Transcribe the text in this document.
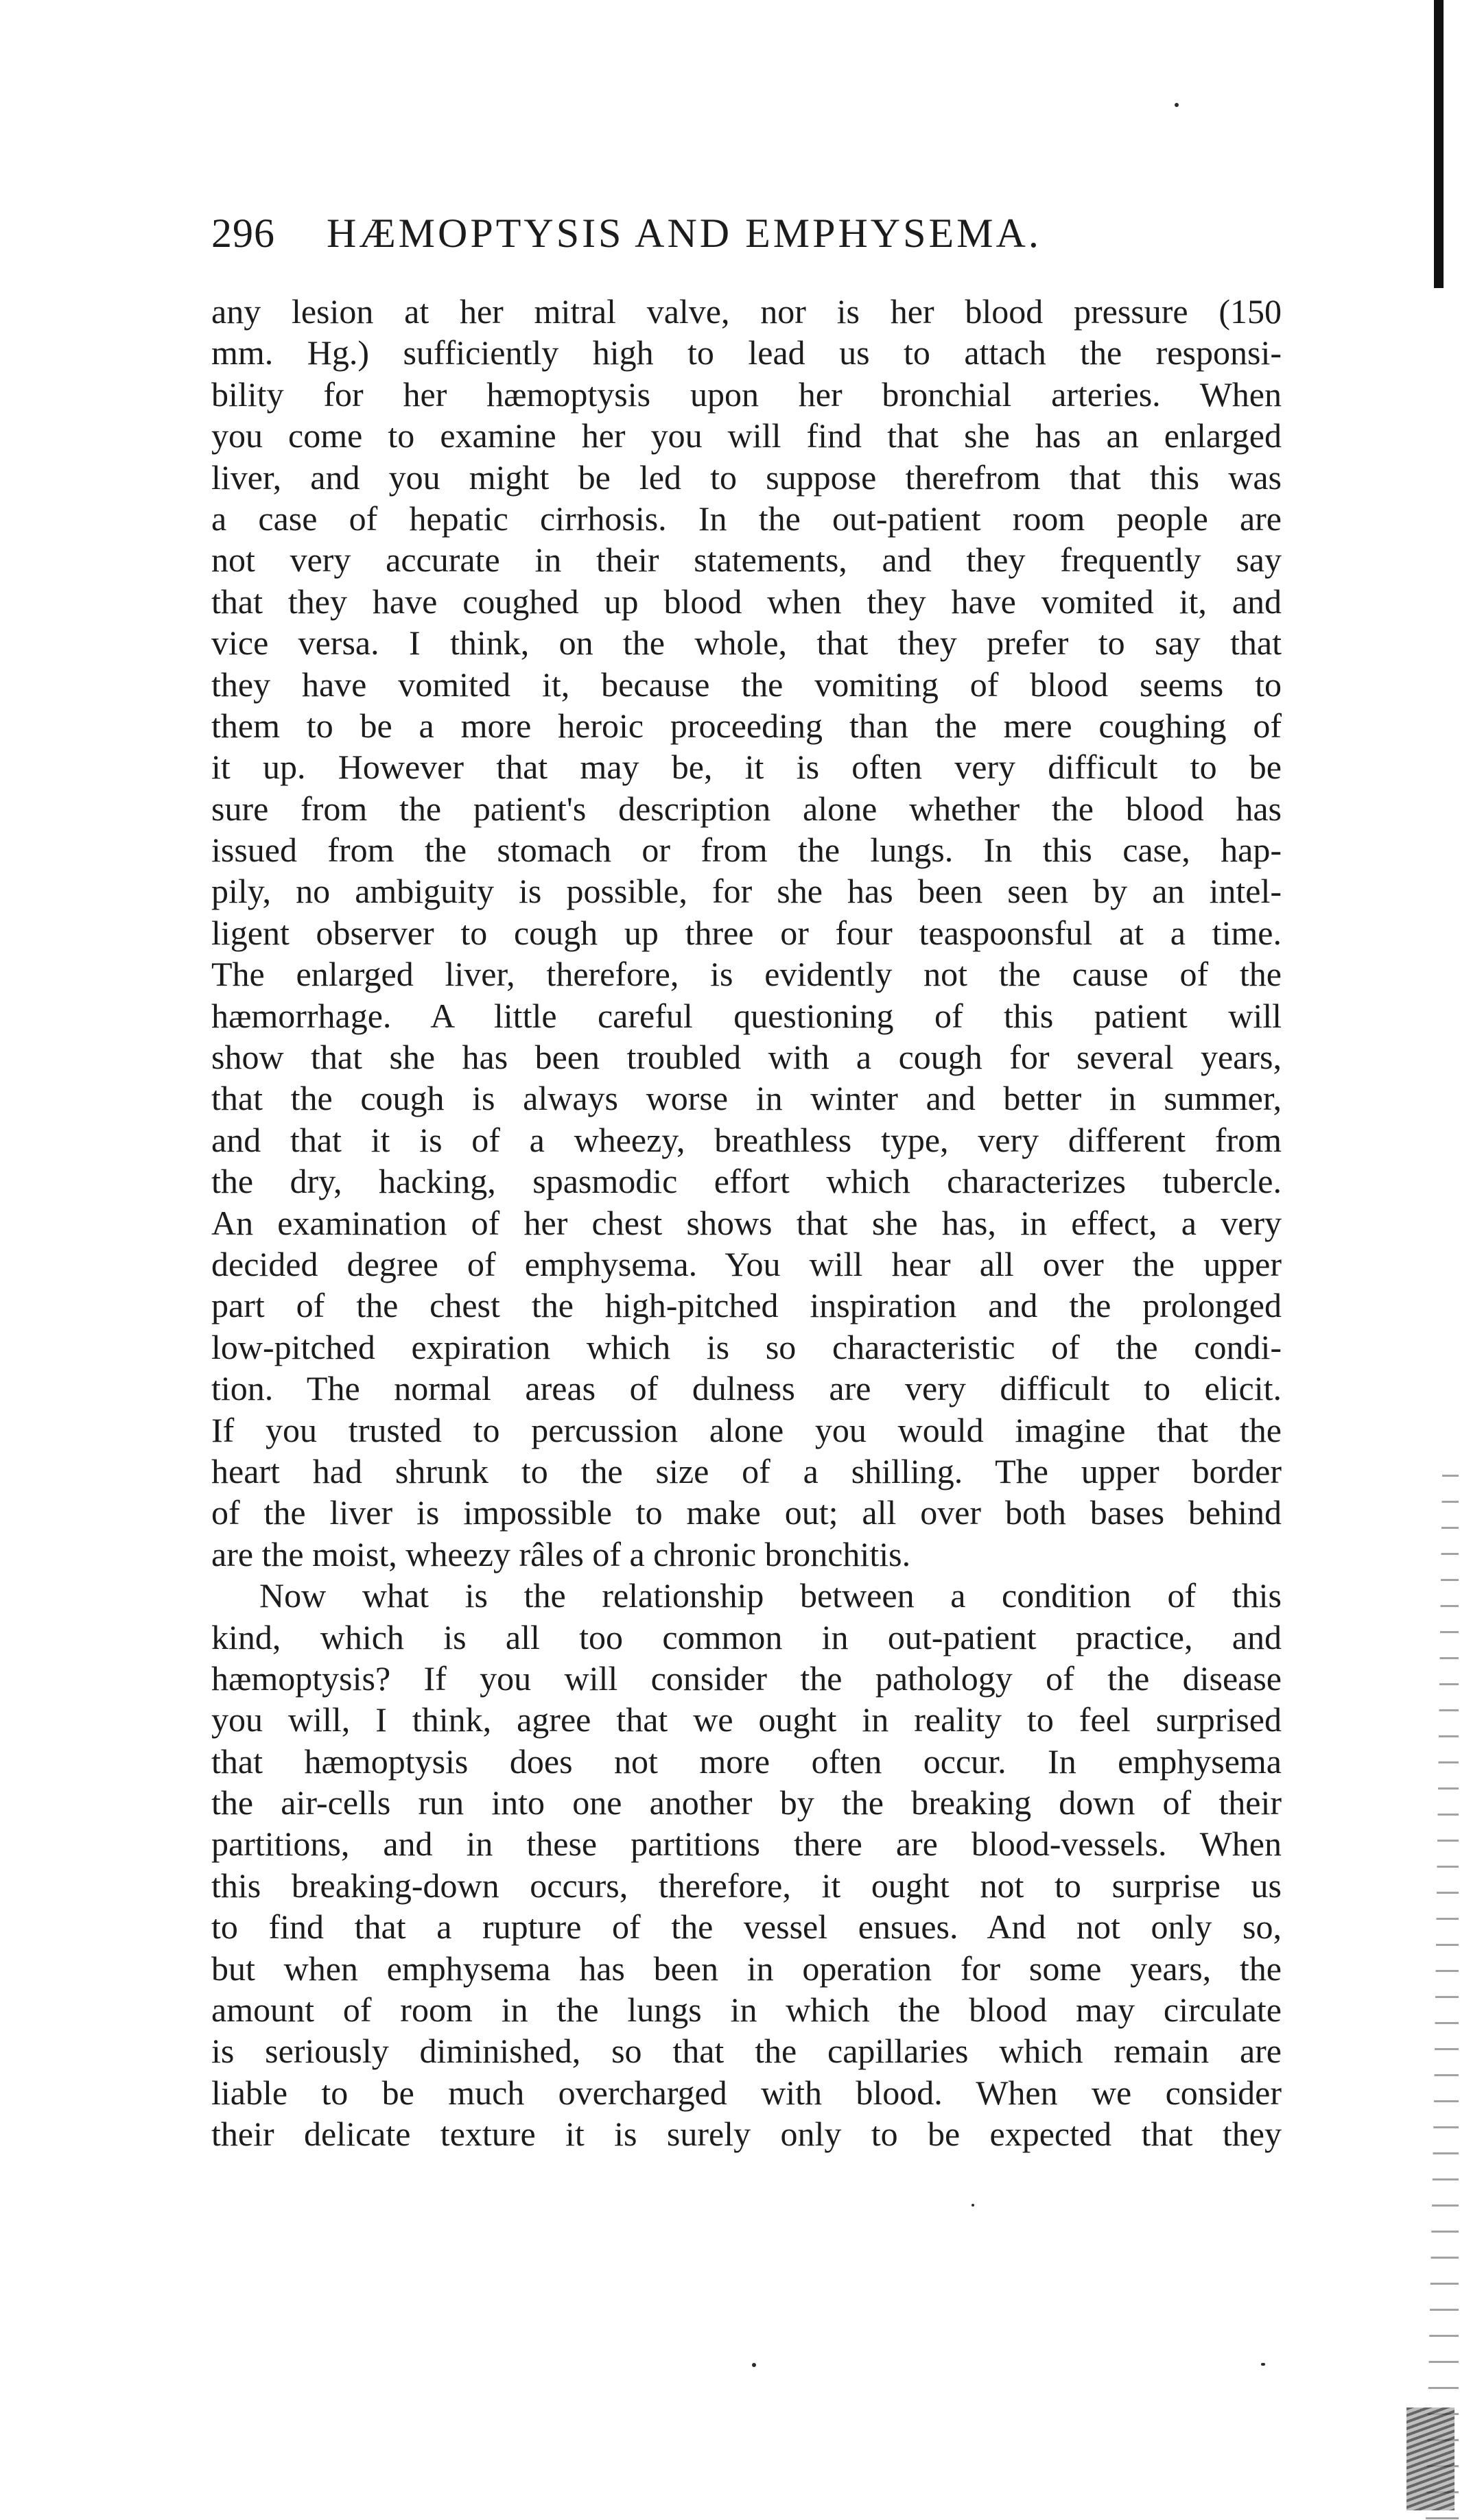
296 HÆMOPTYSIS AND EMPHYSEMA.
any lesion at her mitral valve, nor is her blood pressure (150
mm. Hg.) sufficiently high to lead us to attach the responsi-
bility for her hæmoptysis upon her bronchial arteries. When
you come to examine her you will find that she has an enlarged
liver, and you might be led to suppose therefrom that this was
a case of hepatic cirrhosis. In the out-patient room people are
not very accurate in their statements, and they frequently say
that they have coughed up blood when they have vomited it, and
vice versa. I think, on the whole, that they prefer to say that
they have vomited it, because the vomiting of blood seems to
them to be a more heroic proceeding than the mere coughing of
it up. However that may be, it is often very difficult to be
sure from the patient's description alone whether the blood has
issued from the stomach or from the lungs. In this case, hap-
pily, no ambiguity is possible, for she has been seen by an intel-
ligent observer to cough up three or four teaspoonsful at a time.
The enlarged liver, therefore, is evidently not the cause of the
hæmorrhage. A little careful questioning of this patient will
show that she has been troubled with a cough for several years,
that the cough is always worse in winter and better in summer,
and that it is of a wheezy, breathless type, very different from
the dry, hacking, spasmodic effort which characterizes tubercle.
An examination of her chest shows that she has, in effect, a very
decided degree of emphysema. You will hear all over the upper
part of the chest the high-pitched inspiration and the prolonged
low-pitched expiration which is so characteristic of the condi-
tion. The normal areas of dulness are very difficult to elicit.
If you trusted to percussion alone you would imagine that the
heart had shrunk to the size of a shilling. The upper border
of the liver is impossible to make out; all over both bases behind
are the moist, wheezy râles of a chronic bronchitis.
Now what is the relationship between a condition of this
kind, which is all too common in out-patient practice, and
hæmoptysis? If you will consider the pathology of the disease
you will, I think, agree that we ought in reality to feel surprised
that hæmoptysis does not more often occur. In emphysema
the air-cells run into one another by the breaking down of their
partitions, and in these partitions there are blood-vessels. When
this breaking-down occurs, therefore, it ought not to surprise us
to find that a rupture of the vessel ensues. And not only so,
but when emphysema has been in operation for some years, the
amount of room in the lungs in which the blood may circulate
is seriously diminished, so that the capillaries which remain are
liable to be much overcharged with blood. When we consider
their delicate texture it is surely only to be expected that they
